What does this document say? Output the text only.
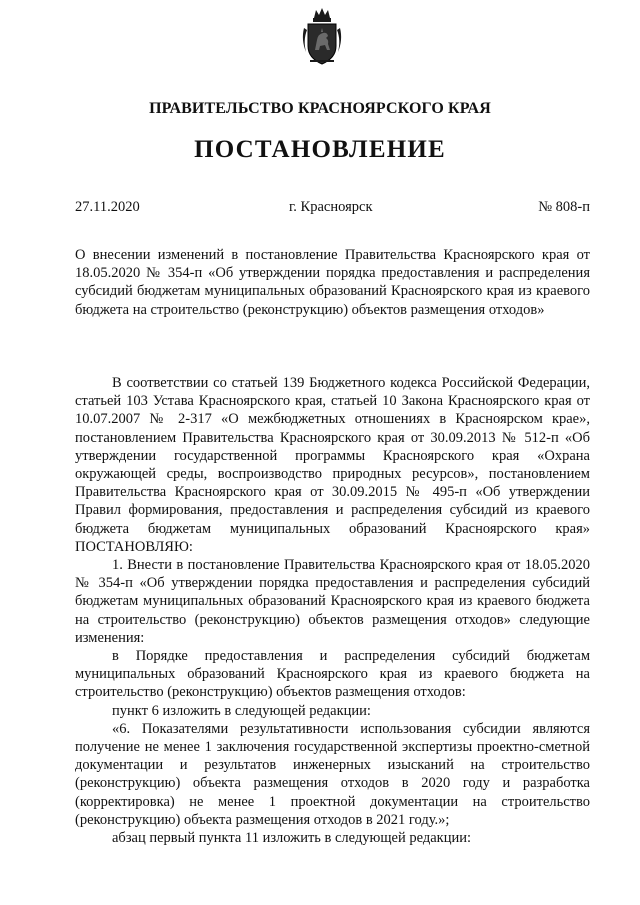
ПРАВИТЕЛЬСТВО КРАСНОЯРСКОГО КРАЯ
ПОСТАНОВЛЕНИЕ
27.11.2020	г. Красноярск	№ 808-п
О внесении изменений в постановление Правительства Красноярского края от 18.05.2020 № 354-п «Об утверждении порядка предоставления и распределения субсидий бюджетам муниципальных образований Красноярского края из краевого бюджета на строительство (реконструкцию) объектов размещения отходов»

В соответствии со статьей 139 Бюджетного кодекса Российской Федерации, статьей 103 Устава Красноярского края, статьей 10 Закона Красноярского края от 10.07.2007 № 2-317 «О межбюджетных отношениях в Красноярском крае», постановлением Правительства Красноярского края от 30.09.2013 № 512-п «Об утверждении государственной программы Красноярского края «Охрана окружающей среды, воспроизводство природных ресурсов», постановлением Правительства Красноярского края от 30.09.2015 № 495-п «Об утверждении Правил формирования, предоставления и распределения субсидий из краевого бюджета бюджетам муниципальных образований Красноярского края» ПОСТАНОВЛЯЮ:

1. Внести в постановление Правительства Красноярского края от 18.05.2020 № 354-п «Об утверждении порядка предоставления и распределения субсидий бюджетам муниципальных образований Красноярского края из краевого бюджета на строительство (реконструкцию) объектов размещения отходов» следующие изменения:

в Порядке предоставления и распределения субсидий бюджетам муниципальных образований Красноярского края из краевого бюджета на строительство (реконструкцию) объектов размещения отходов:

пункт 6 изложить в следующей редакции:

«6. Показателями результативности использования субсидии являются получение не менее 1 заключения государственной экспертизы проектно-сметной документации и результатов инженерных изысканий на строительство (реконструкцию) объекта размещения отходов в 2020 году и разработка (корректировка) не менее 1 проектной документации на строительство (реконструкцию) объекта размещения отходов в 2021 году.»;

абзац первый пункта 11 изложить в следующей редакции:
